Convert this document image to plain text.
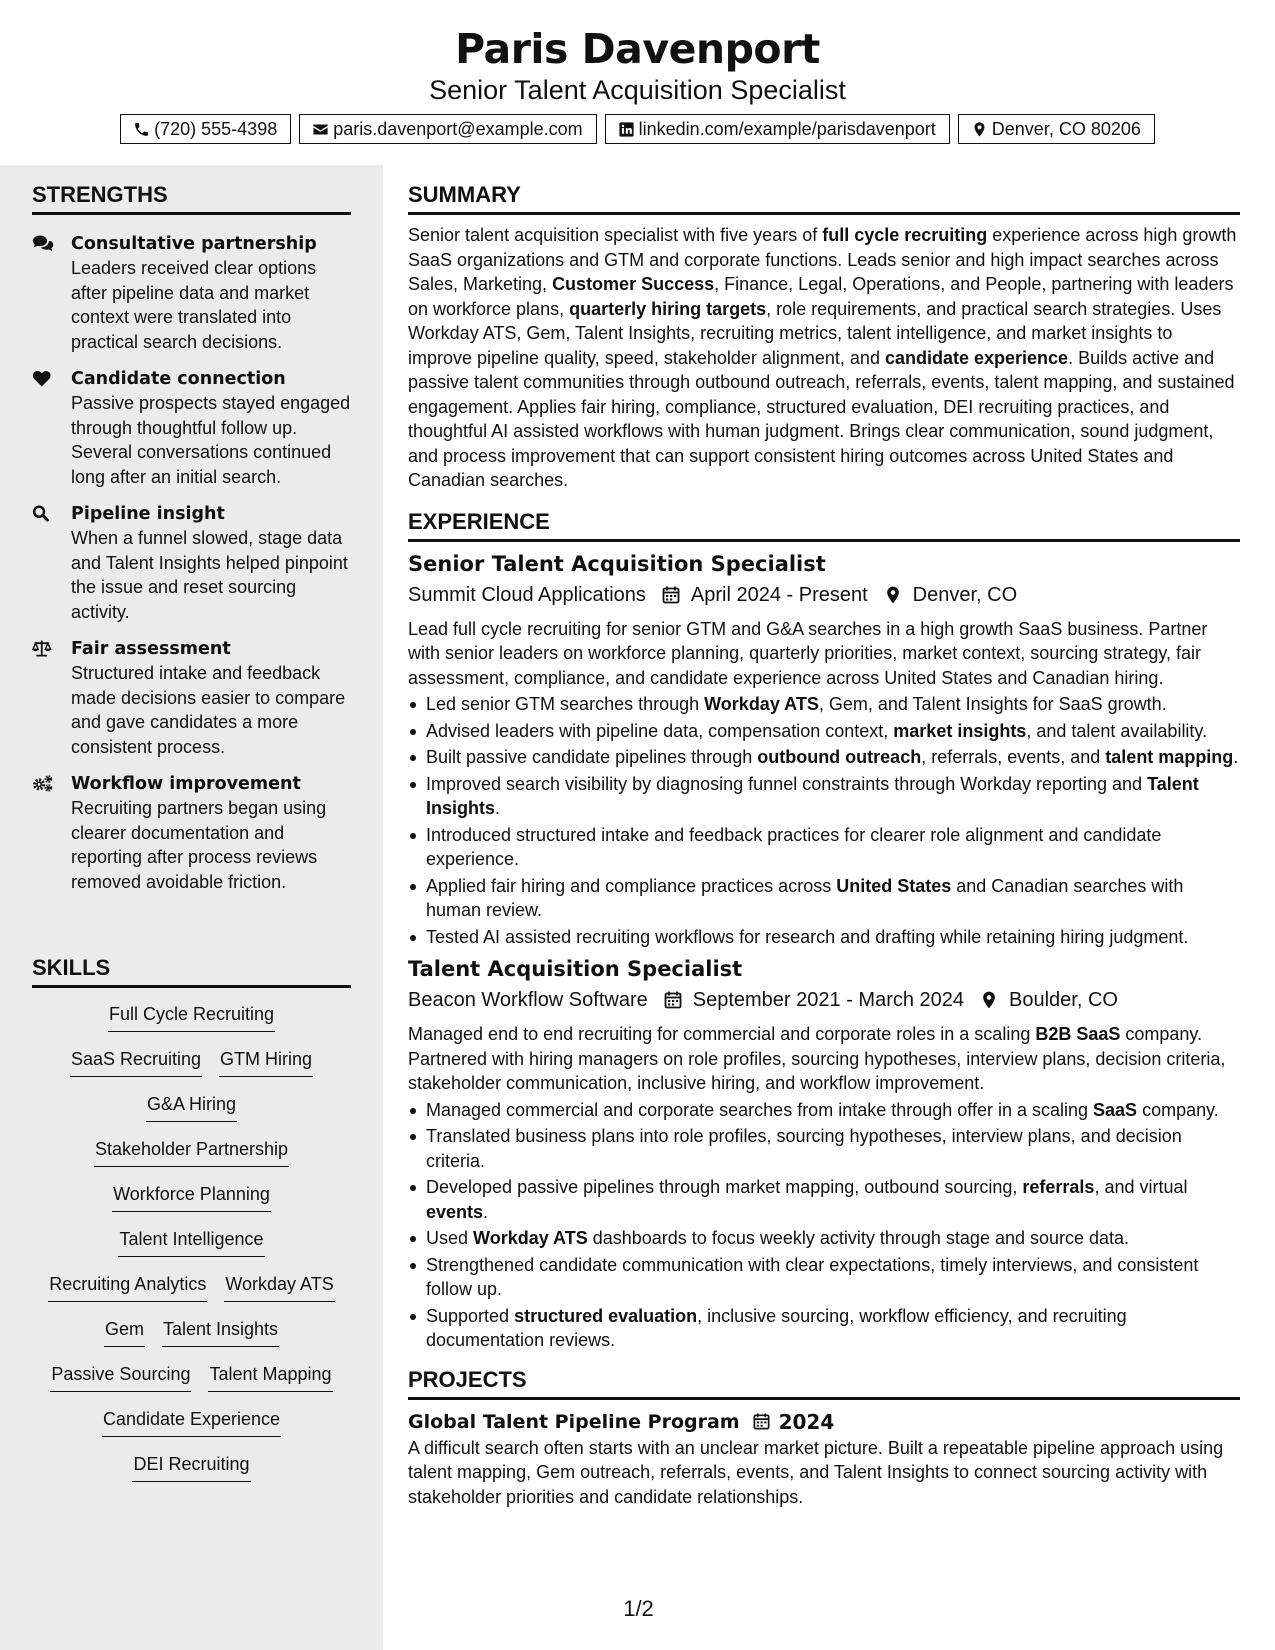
Paris Davenport
Senior Talent Acquisition Specialist
(720) 555-4398	paris.davenport@example.com	linkedin.com/example/parisdavenport	Denver, CO 80206
STRENGTHS
Consultative partnership

Leaders received clear options after pipeline data and market context were translated into practical search decisions.

Candidate connection

Passive prospects stayed engaged through thoughtful follow up. Several conversations continued long after an initial search.

Pipeline insight

When a funnel slowed, stage data and Talent Insights helped pinpoint the issue and reset sourcing activity.

Fair assessment

Structured intake and feedback made decisions easier to compare and gave candidates a more consistent process.

Workflow improvement

Recruiting partners began using clearer documentation and reporting after process reviews removed avoidable friction.

SKILLS
Full Cycle Recruiting
SaaS Recruiting GTM Hiring
G&A Hiring
Stakeholder Partnership
Workforce Planning
Talent Intelligence
Recruiting Analytics Workday ATS
Gem Talent Insights
Passive Sourcing Talent Mapping
Candidate Experience
DEI Recruiting
SUMMARY

Senior talent acquisition specialist with five years of full cycle recruiting experience across high growth SaaS organizations and GTM and corporate functions. Leads senior and high impact searches across Sales, Marketing, Customer Success, Finance, Legal, Operations, and People, partnering with leaders on workforce plans, quarterly hiring targets, role requirements, and practical search strategies. Uses Workday ATS, Gem, Talent Insights, recruiting metrics, talent intelligence, and market insights to improve pipeline quality, speed, stakeholder alignment, and candidate experience. Builds active and passive talent communities through outbound outreach, referrals, events, talent mapping, and sustained engagement. Applies fair hiring, compliance, structured evaluation, DEI recruiting practices, and thoughtful AI assisted workflows with human judgment. Brings clear communication, sound judgment, and process improvement that can support consistent hiring outcomes across United States and Canadian searches.

EXPERIENCE
Senior Talent Acquisition Specialist
Summit Cloud Applications April 2024 - Present Denver, CO

Lead full cycle recruiting for senior GTM and G&A searches in a high growth SaaS business. Partner with senior leaders on workforce planning, quarterly priorities, market context, sourcing strategy, fair assessment, compliance, and candidate experience across United States and Canadian hiring.

Led senior GTM searches through Workday ATS, Gem, and Talent Insights for SaaS growth.
Advised leaders with pipeline data, compensation context, market insights, and talent availability.
Built passive candidate pipelines through outbound outreach, referrals, events, and talent mapping.
Improved search visibility by diagnosing funnel constraints through Workday reporting and Talent Insights.
Introduced structured intake and feedback practices for clearer role alignment and candidate experience.
Applied fair hiring and compliance practices across United States and Canadian searches with human review.
Tested AI assisted recruiting workflows for research and drafting while retaining hiring judgment.
Talent Acquisition Specialist
Beacon Workflow Software September 2021 - March 2024 Boulder, CO

Managed end to end recruiting for commercial and corporate roles in a scaling B2B SaaS company. Partnered with hiring managers on role profiles, sourcing hypotheses, interview plans, decision criteria, stakeholder communication, inclusive hiring, and workflow improvement.

Managed commercial and corporate searches from intake through offer in a scaling SaaS company.
Translated business plans into role profiles, sourcing hypotheses, interview plans, and decision criteria.
Developed passive pipelines through market mapping, outbound sourcing, referrals, and virtual events.
Used Workday ATS dashboards to focus weekly activity through stage and source data.
Strengthened candidate communication with clear expectations, timely interviews, and consistent follow up.
Supported structured evaluation, inclusive sourcing, workflow efficiency, and recruiting documentation reviews.
PROJECTS
Global Talent Pipeline Program 2024

A difficult search often starts with an unclear market picture. Built a repeatable pipeline approach using talent mapping, Gem outreach, referrals, events, and Talent Insights to connect sourcing activity with stakeholder priorities and candidate relationships.

1/2
